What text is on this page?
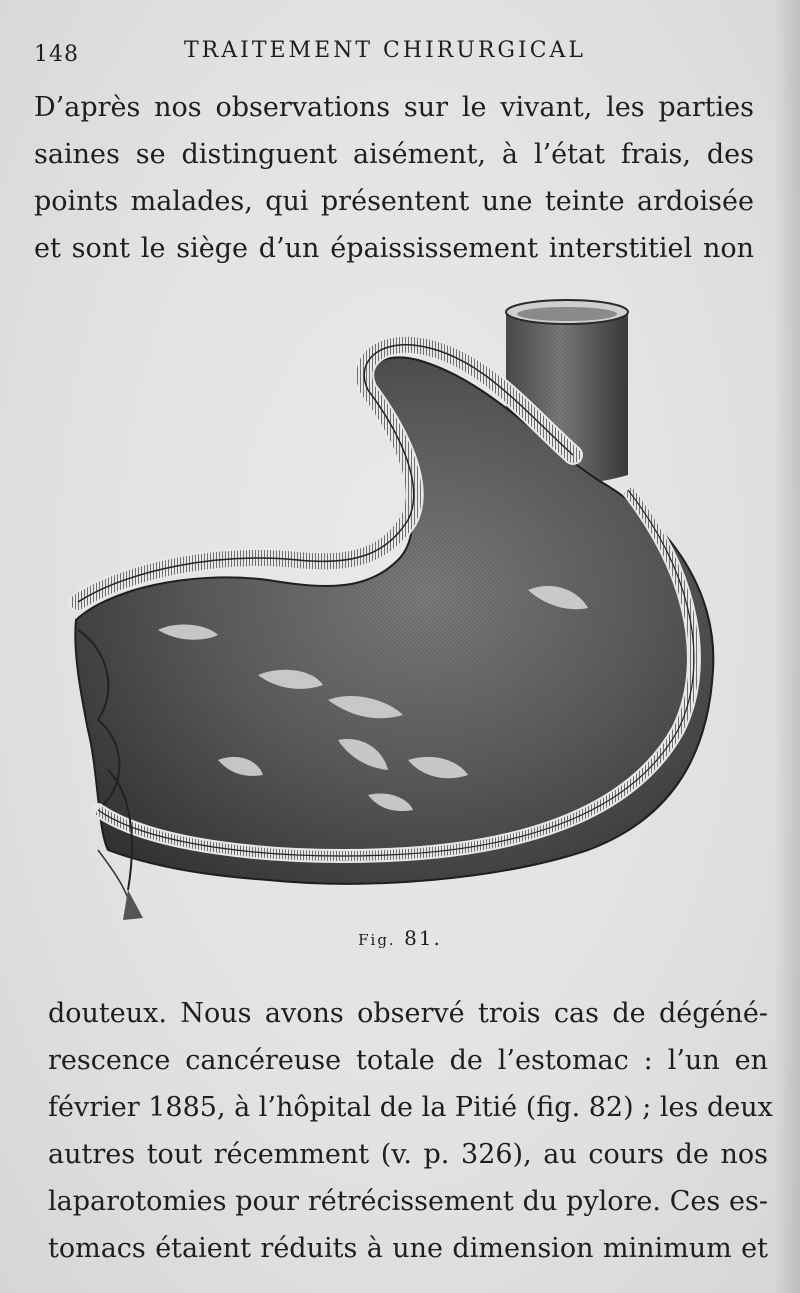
148	TRAITEMENT CHIRURGICAL
D’après nos observations sur le vivant, les parties
saines se distinguent aisément, à l’état frais, des
points malades, qui présentent une teinte ardoisée
et sont le siège d’un épaississement interstitiel non
Fig. 81.
douteux. Nous avons observé trois cas de dégéné-
rescence cancéreuse totale de l’estomac : l’un en
février 1885, à l’hôpital de la Pitié (fig. 82) ; les deux
autres tout récemment (v. p. 326), au cours de nos
laparotomies pour rétrécissement du pylore. Ces es-
tomacs étaient réduits à une dimension minimum et
